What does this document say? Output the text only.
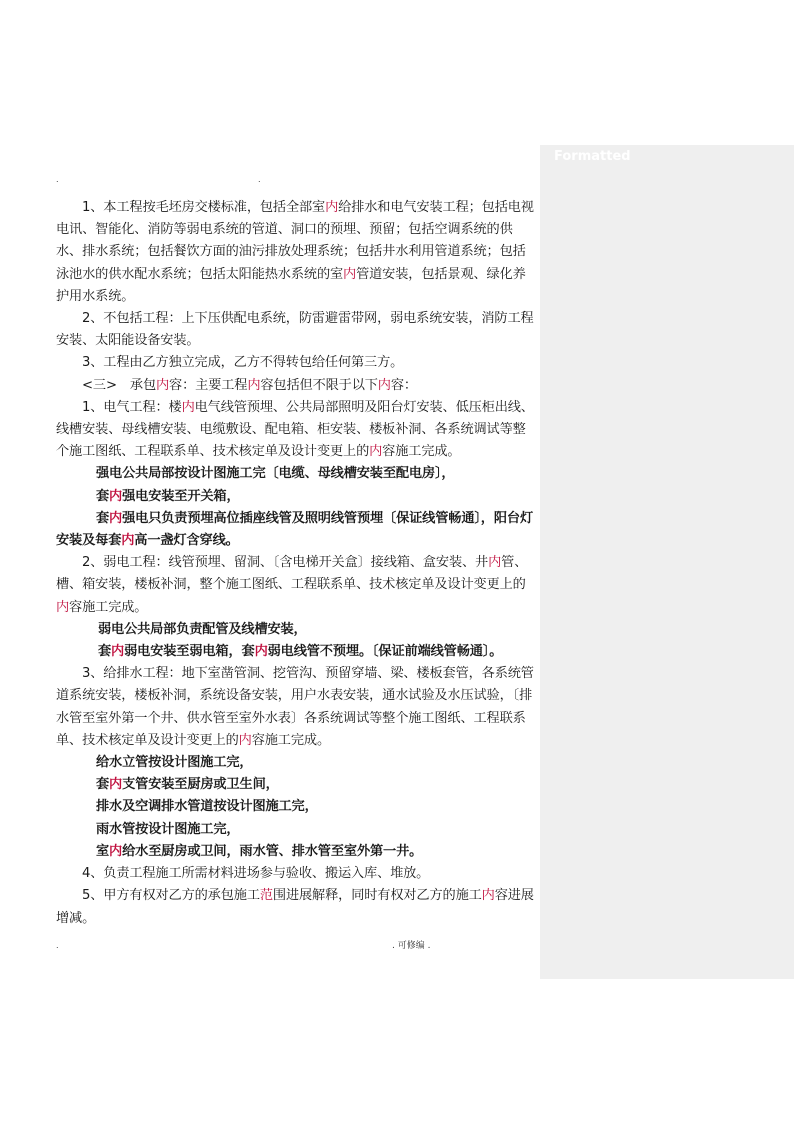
Formatted
.	.

1、本工程按毛坯房交楼标准，包括全部室内给排水和电气安装工程；包括电视电讯、智能化、消防等弱电系统的管道、洞口的预埋、预留；包括空调系统的供水、排水系统；包括餐饮方面的油污排放处理系统；包括井水利用管道系统；包括泳池水的供水配水系统；包括太阳能热水系统的室内管道安装，包括景观、绿化养护用水系统。

2、不包括工程：上下压供配电系统，防雷避雷带网，弱电系统安装，消防工程安装、太阳能设备安装。

3、工程由乙方独立完成，乙方不得转包给任何第三方。

<三>　 承包内容：主要工程内容包括但不限于以下内容：

1、电气工程：楼内电气线管预埋、公共局部照明及阳台灯安装、低压柜出线、线槽安装、母线槽安装、电缆敷设、配电箱、柜安装、楼板补洞、各系统调试等整个施工图纸、工程联系单、技术核定单及设计变更上的内容施工完成。

强电公共局部按设计图施工完〔电缆、母线槽安装至配电房〕，

套内强电安装至开关箱，

套内强电只负责预埋高位插座线管及照明线管预埋〔保证线管畅通〕，阳台灯安装及每套内高一盏灯含穿线。

2、弱电工程：线管预埋、留洞、〔含电梯开关盒〕接线箱、盒安装、井内管、槽、箱安装，楼板补洞，整个施工图纸、工程联系单、技术核定单及设计变更上的内容施工完成。

弱电公共局部负责配管及线槽安装，

套内弱电安装至弱电箱，套内弱电线管不预埋。〔保证前端线管畅通〕。

3、给排水工程：地下室凿管洞、挖管沟、预留穿墙、梁、楼板套管，各系统管道系统安装，楼板补洞，系统设备安装，用户水表安装，通水试验及水压试验，〔排水管至室外第一个井、供水管至室外水表〕各系统调试等整个施工图纸、工程联系单、技术核定单及设计变更上的内容施工完成。

给水立管按设计图施工完，

套内支管安装至厨房或卫生间，

排水及空调排水管道按设计图施工完，

雨水管按设计图施工完，

室内给水至厨房或卫间，雨水管、排水管至室外第一井。

4、负责工程施工所需材料进场参与验收、搬运入库、堆放。

5、甲方有权对乙方的承包施工范围进展解释，同时有权对乙方的施工内容进展增减。

.	. 可修编 .
